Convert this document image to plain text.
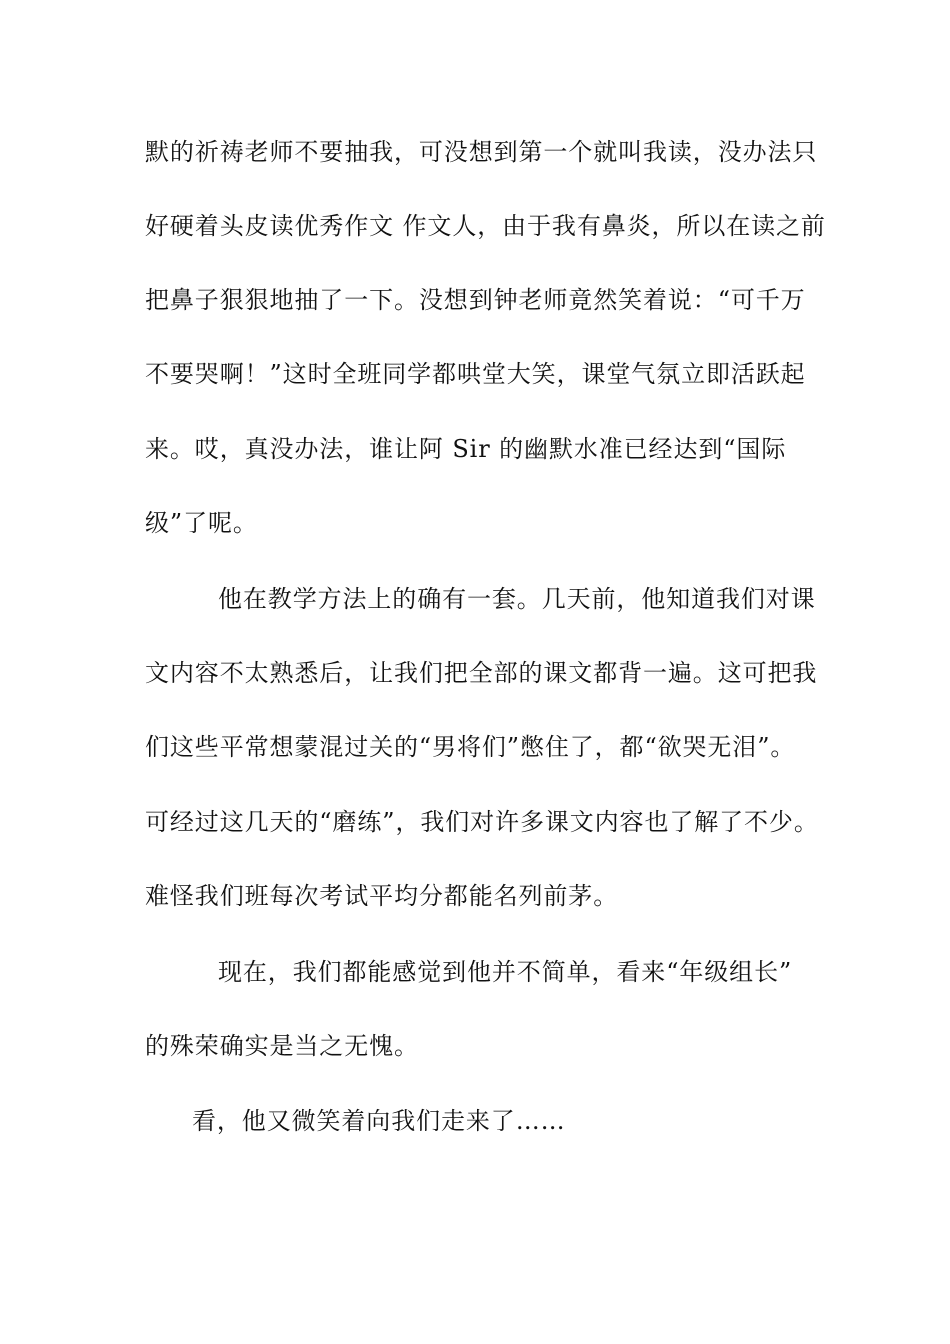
默的祈祷老师不要抽我，可没想到第一个就叫我读，没办法只

好硬着头皮读优秀作文 作文人，由于我有鼻炎，所以在读之前

把鼻子狠狠地抽了一下。没想到钟老师竟然笑着说：“可千万

不要哭啊！”这时全班同学都哄堂大笑，课堂气氛立即活跃起

来。哎，真没办法，谁让阿 Sir 的幽默水准已经达到“国际

级”了呢。

他在教学方法上的确有一套。几天前，他知道我们对课

文内容不太熟悉后，让我们把全部的课文都背一遍。这可把我

们这些平常想蒙混过关的“男将们”憋住了，都“欲哭无泪”。

可经过这几天的“磨练”，我们对许多课文内容也了解了不少。

难怪我们班每次考试平均分都能名列前茅。

现在，我们都能感觉到他并不简单，看来“年级组长”

的殊荣确实是当之无愧。

看，他又微笑着向我们走来了……
